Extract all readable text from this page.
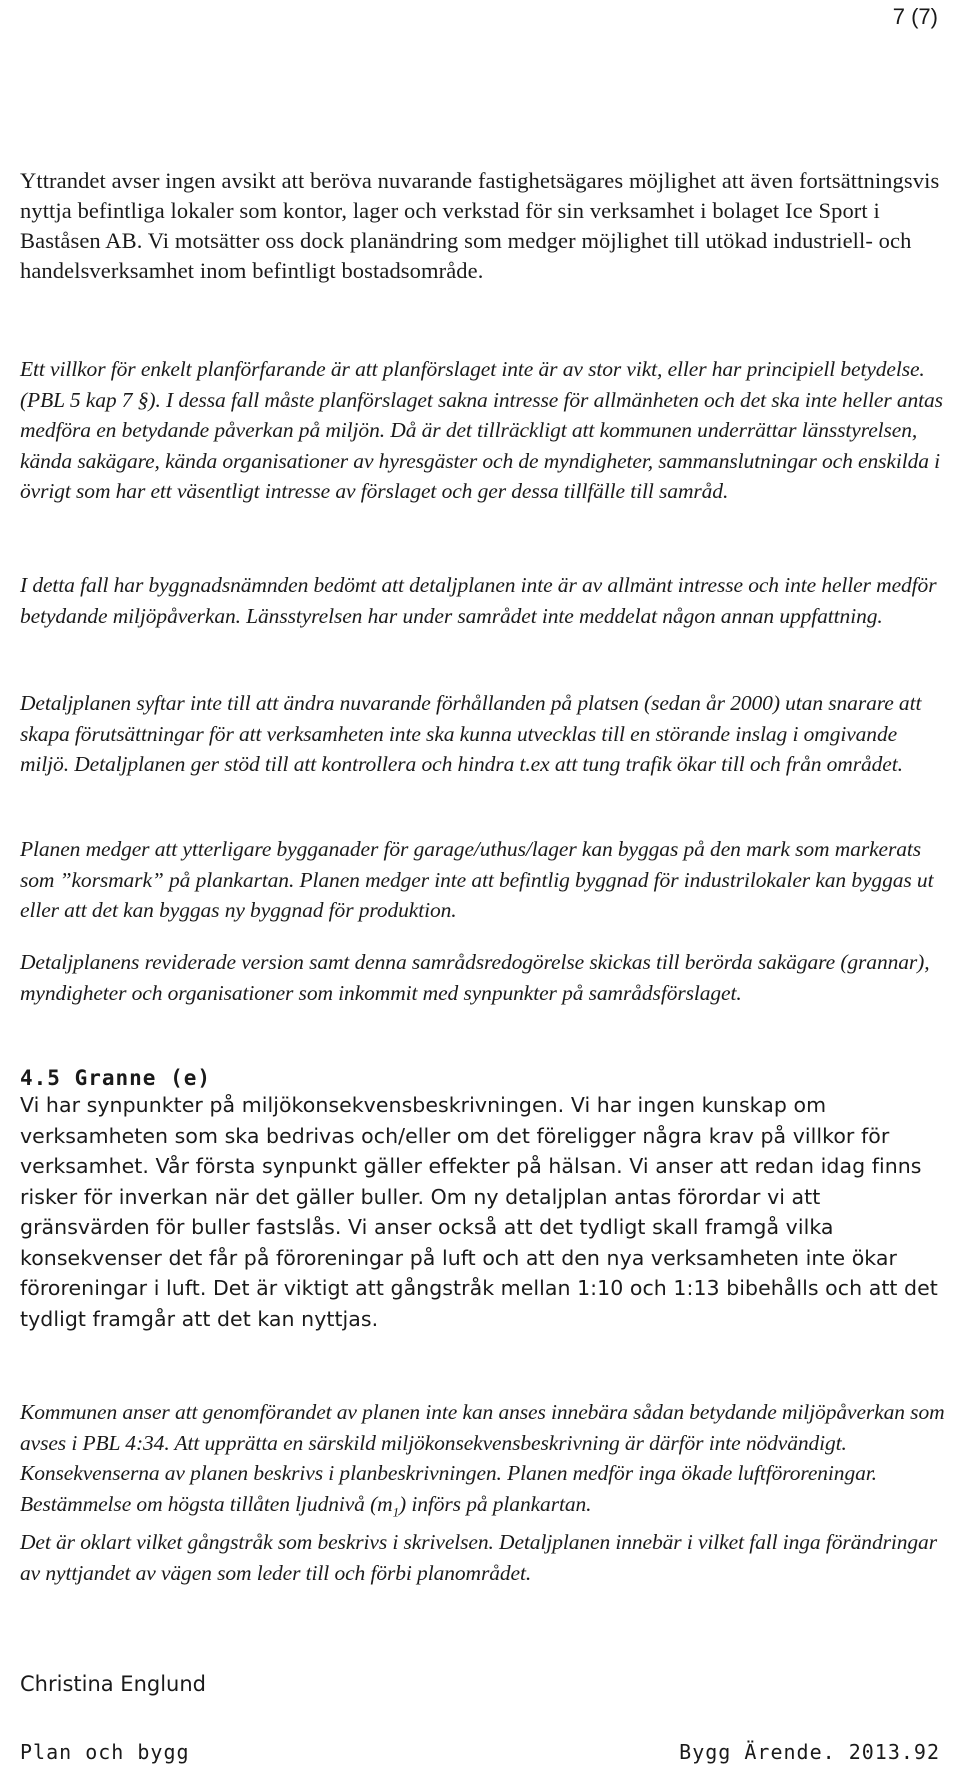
7 (7)

Yttrandet avser ingen avsikt att beröva nuvarande fastighetsägares möjlighet att även fortsättningsvis nyttja befintliga lokaler som kontor, lager och verkstad för sin verksamhet i bolaget Ice Sport i Baståsen AB. Vi motsätter oss dock planändring som medger möjlighet till utökad industriell- och handelsverksamhet inom befintligt bostadsområde.

Ett villkor för enkelt planförfarande är att planförslaget inte är av stor vikt, eller har principiell betydelse. (PBL 5 kap 7 §). I dessa fall måste planförslaget sakna intresse för allmänheten och det ska inte heller antas medföra en betydande påverkan på miljön. Då är det tillräckligt att kommunen underrättar länsstyrelsen, kända sakägare, kända organisationer av hyresgäster och de myndigheter, sammanslutningar och enskilda i övrigt som har ett väsentligt intresse av förslaget och ger dessa tillfälle till samråd.

I detta fall har byggnadsnämnden bedömt att detaljplanen inte är av allmänt intresse och inte heller medför betydande miljöpåverkan. Länsstyrelsen har under samrådet inte meddelat någon annan uppfattning.

Detaljplanen syftar inte till att ändra nuvarande förhållanden på platsen (sedan år 2000) utan snarare att skapa förutsättningar för att verksamheten inte ska kunna utvecklas till en störande inslag i omgivande miljö. Detaljplanen ger stöd till att kontrollera och hindra t.ex att tung trafik ökar till och från området.

Planen medger att ytterligare bygganader för garage/uthus/lager kan byggas på den mark som markerats som ”korsmark” på plankartan. Planen medger inte att befintlig byggnad för industrilokaler kan byggas ut eller att det kan byggas ny byggnad för produktion.

Detaljplanens reviderade version samt denna samrådsredogörelse skickas till berörda sakägare (grannar), myndigheter och organisationer som inkommit med synpunkter på samrådsförslaget.

4.5 Granne (e)

Vi har synpunkter på miljökonsekvensbeskrivningen. Vi har ingen kunskap om verksamheten som ska bedrivas och/eller om det föreligger några krav på villkor för verksamhet. Vår första synpunkt gäller effekter på hälsan. Vi anser att redan idag finns risker för inverkan när det gäller buller. Om ny detaljplan antas förordar vi att gränsvärden för buller fastslås. Vi anser också att det tydligt skall framgå vilka konsekvenser det får på föroreningar på luft och att den nya verksamheten inte ökar föroreningar i luft. Det är viktigt att gångstråk mellan 1:10 och 1:13 bibehålls och att det tydligt framgår att det kan nyttjas.

Kommunen anser att genomförandet av planen inte kan anses innebära sådan betydande miljöpåverkan som avses i PBL 4:34. Att upprätta en särskild miljökonsekvensbeskrivning är därför inte nödvändigt. Konsekvenserna av planen beskrivs i planbeskrivningen. Planen medför inga ökade luftföroreningar.
Bestämmelse om högsta tillåten ljudnivå $(m_1)$ införs på plankartan.
Det är oklart vilket gångstråk som beskrivs i skrivelsen. Detaljplanen innebär i vilket fall inga förändringar av nyttjandet av vägen som leder till och förbi planområdet.
Christina Englund
Plan och bygg	Bygg Ärende. 2013.92
